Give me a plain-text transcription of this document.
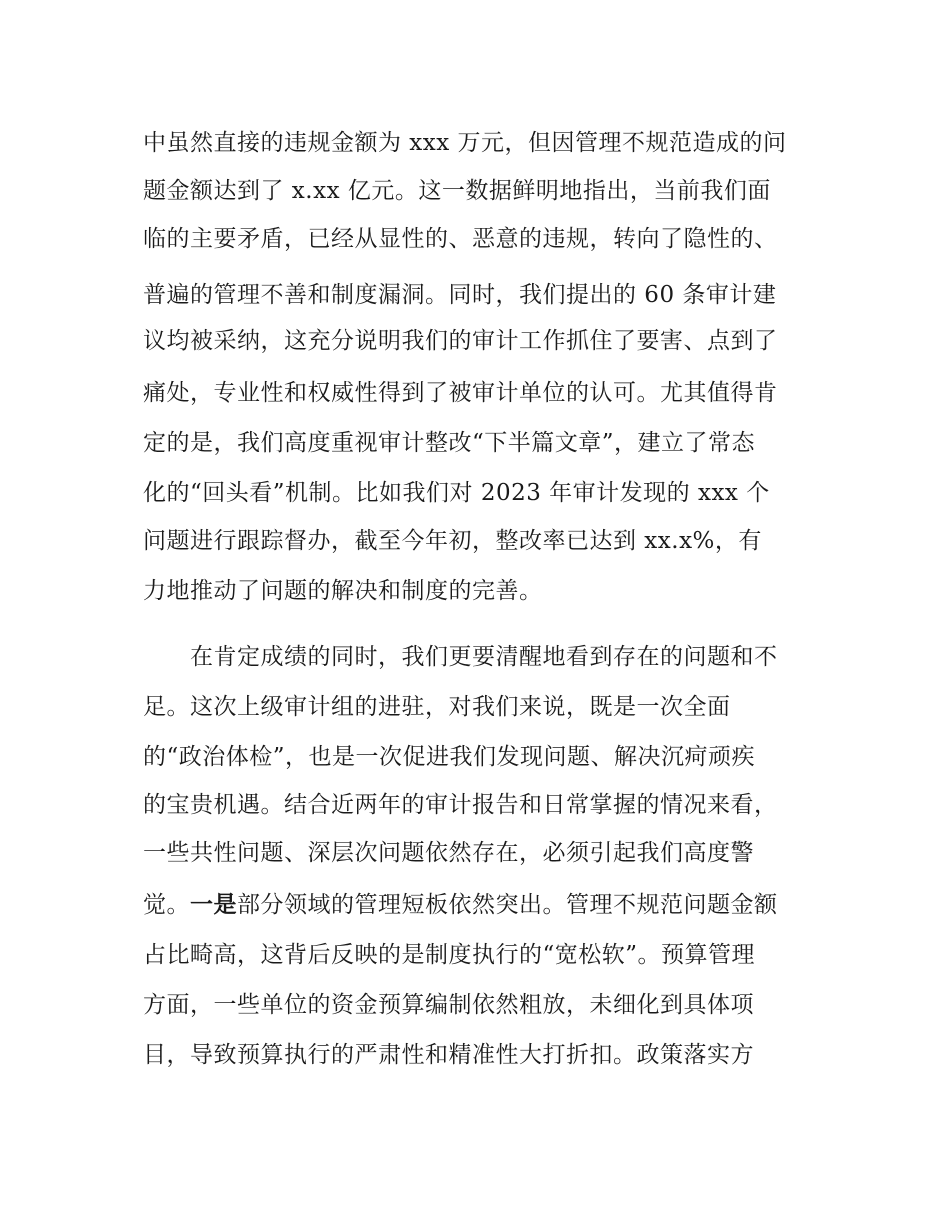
中虽然直接的违规金额为 xxx 万元，但因管理不规范造成的问
题金额达到了 x.xx 亿元。这一数据鲜明地指出，当前我们面
临的主要矛盾，已经从显性的、恶意的违规，转向了隐性的、
普遍的管理不善和制度漏洞。同时，我们提出的 60 条审计建
议均被采纳，这充分说明我们的审计工作抓住了要害、点到了
痛处，专业性和权威性得到了被审计单位的认可。尤其值得肯
定的是，我们高度重视审计整改“下半篇文章”，建立了常态
化的“回头看”机制。比如我们对 2023 年审计发现的 xxx 个
问题进行跟踪督办，截至今年初，整改率已达到 xx.x%，有
力地推动了问题的解决和制度的完善。
　　在肯定成绩的同时，我们更要清醒地看到存在的问题和不
足。这次上级审计组的进驻，对我们来说，既是一次全面
的“政治体检”，也是一次促进我们发现问题、解决沉疴顽疾
的宝贵机遇。结合近两年的审计报告和日常掌握的情况来看，
一些共性问题、深层次问题依然存在，必须引起我们高度警
觉。一是部分领域的管理短板依然突出。管理不规范问题金额
占比畸高，这背后反映的是制度执行的“宽松软”。预算管理
方面，一些单位的资金预算编制依然粗放，未细化到具体项
目，导致预算执行的严肃性和精准性大打折扣。政策落实方
